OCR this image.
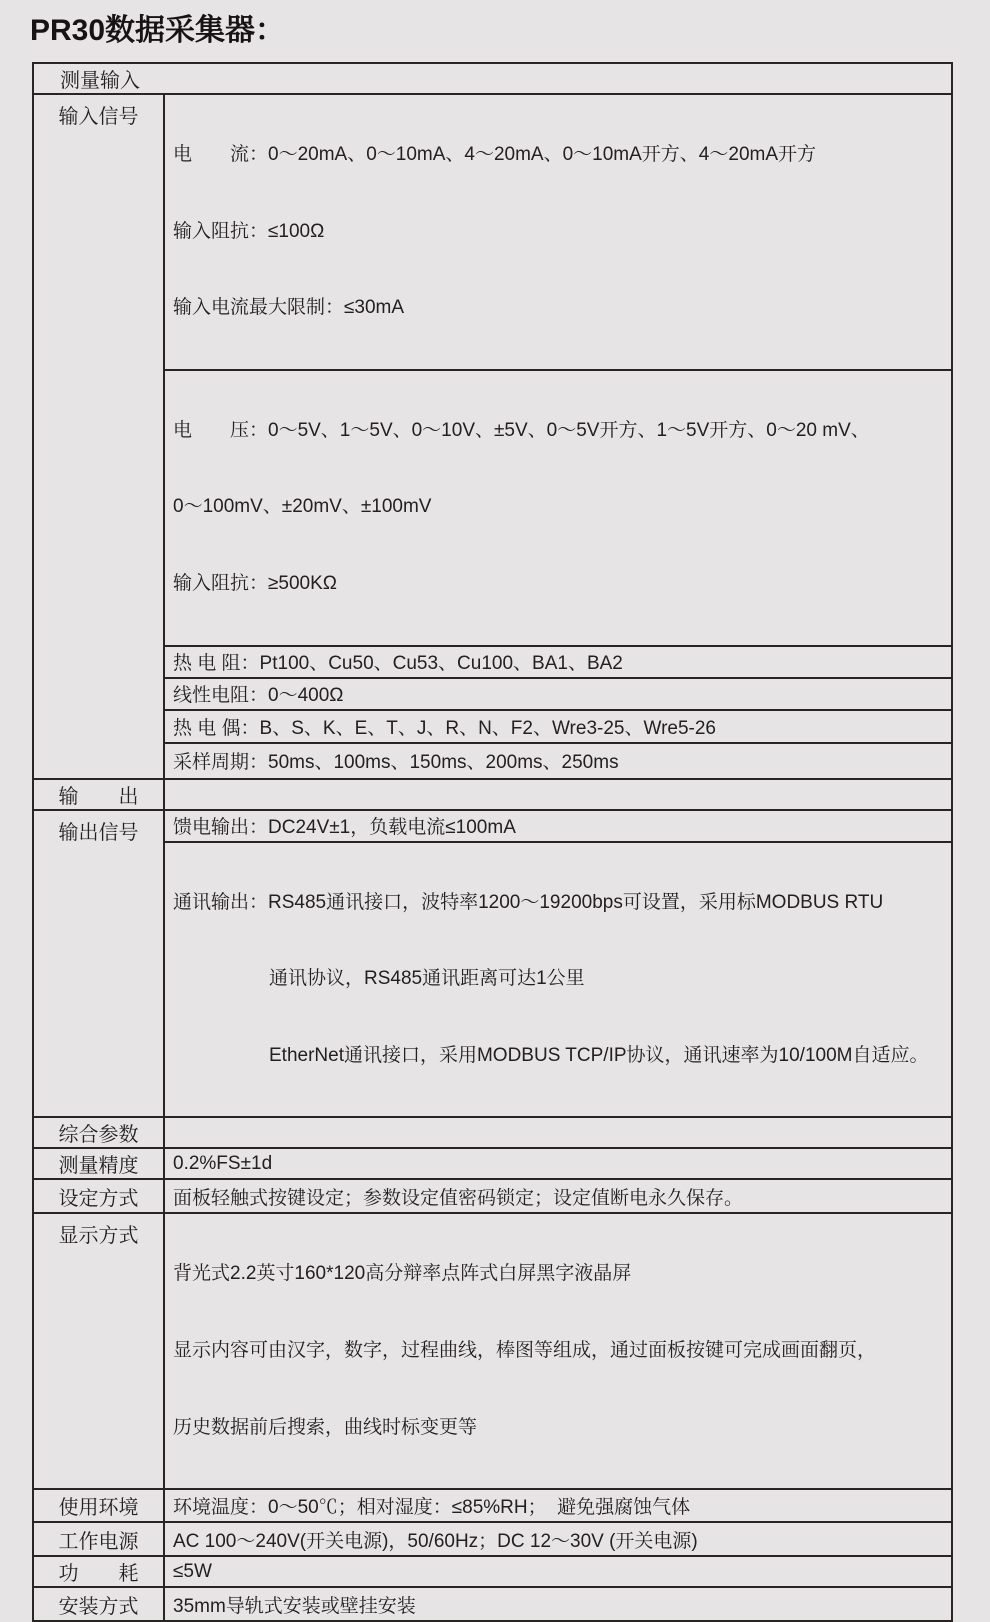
PR30数据采集器：
测量输入	
输入信号	电　　流：0～20mA、0～10mA、4～20mA、0～10mA开方、4～20mA开方

输入阻抗：≤100Ω

输入电流最大限制：≤30mA

	电　　压：0～5V、1～5V、0～10V、±5V、0～5V开方、1～5V开方、0～20 mV、

0～100mV、±20mV、±100mV

输入阻抗：≥500KΩ

	热 电 阻：Pt100、Cu50、Cu53、Cu100、BA1、BA2
	线性电阻：0～400Ω
	热 电 偶：B、S、K、E、T、J、R、N、F2、Wre3-25、Wre5-26
	采样周期：50ms、100ms、150ms、200ms、250ms
输　　出	
输出信号	馈电输出：DC24V±1，负载电流≤100mA

	通讯输出：RS485通讯接口，波特率1200～19200bps可设置，采用标MODBUS RTU

通讯协议，RS485通讯距离可达1公里

EtherNet通讯接口，采用MODBUS TCP/IP协议，通讯速率为10/100M自适应。

综合参数	
测量精度	0.2%FS±1d
设定方式	面板轻触式按键设定；参数设定值密码锁定；设定值断电永久保存。
显示方式	背光式2.2英寸160*120高分辩率点阵式白屏黑字液晶屏

显示内容可由汉字，数字，过程曲线，棒图等组成，通过面板按键可完成画面翻页，

历史数据前后搜索，曲线时标变更等

使用环境	环境温度：0～50℃；相对湿度：≤85%RH；  避免强腐蚀气体
工作电源	AC 100～240V(开关电源)，50/60Hz；DC 12～30V (开关电源)
功　　耗	≤5W
安装方式	35mm导轨式安装或壁挂安装
